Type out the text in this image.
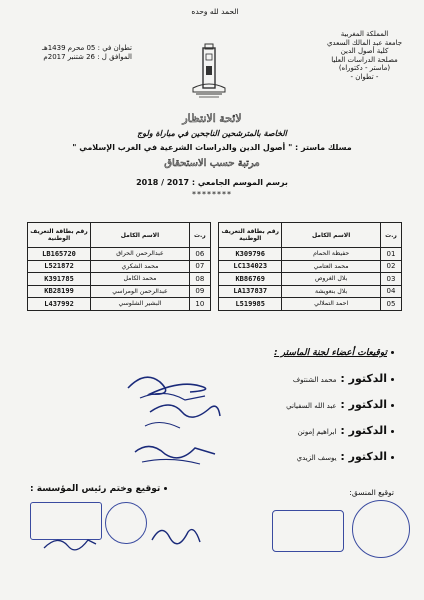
الحمد لله وحده
المملكة المغربية
جامعة عبد المالك السعدي
كلية أصول الدين
مصلحة الدراسات العليا
(ماستر - دكتوراه)
- تطوان -
تطوان في : 05 محرم 1439هـ
الموافق ل : 26 شتنبر 2017م
لائحة الانتظار
الخاصة بالمترشحين الناجحين في مباراة ولوج
مسلك ماستر : " أصول الدين والدراسات الشرعية في الغرب الإسلامي "
مرتبة حسب الاستحقاق
برسم الموسم الجامعي : 2017 / 2018
********
ر.ت	الاسم الكامل	رقم بطاقة التعريف الوطنية		ر.ت	الاسم الكامل	رقم بطاقة التعريف الوطنية
01	حفيظة الحمام	K309796		06	عبدالرحمن الحراق	LB165720
02	محمد العتامي	LC134023		07	محمد الشكري	L521872
03	بلال الغروص	KB86769		08	محمد الكامل	K391785
04	بلال بنعويشة	LA137837		09	عبدالرحمن الومراسي	KB28199
05	احمد التملالي	L519985		10	البشير الشلوسي	L437992
توقيعات أعضاء لجنة الماستر :
الدكتور : محمد الشنتوف
الدكتور : عبد الله السفياني
الدكتور : ابراهيم إمونن
الدكتور : يوسف الزيدي
توقيع المنسق:
توقيع وختم رئيس المؤسسة :
